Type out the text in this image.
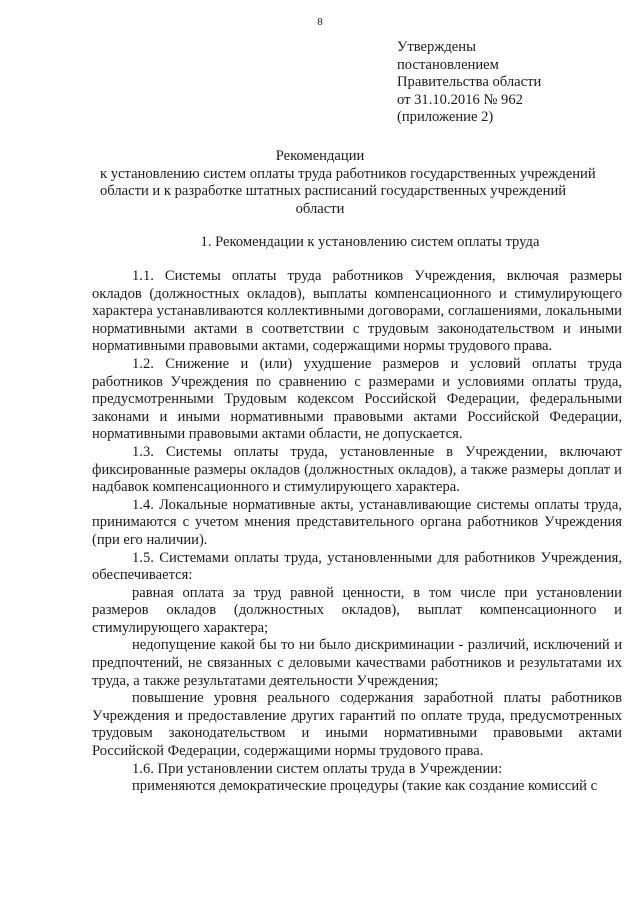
8
Утверждены
постановлением
Правительства области
от 31.10.2016 № 962
(приложение 2)
Рекомендации
к установлению систем оплаты труда работников государственных учреждений
области и к разработке штатных расписаний государственных учреждений
области
1. Рекомендации к установлению систем оплаты труда

1.1. Системы оплаты труда работников Учреждения, включая размеры окладов (должностных окладов), выплаты компенсационного и стимулирующего характера устанавливаются коллективными договорами, соглашениями, локальными нормативными актами в соответствии с трудовым законодательством и иными нормативными правовыми актами, содержащими нормы трудового права.

1.2. Снижение и (или) ухудшение размеров и условий оплаты труда работников Учреждения по сравнению с размерами и условиями оплаты труда, предусмотренными Трудовым кодексом Российской Федерации, федеральными законами и иными нормативными правовыми актами Российской Федерации, нормативными правовыми актами области, не допускается.

1.3. Системы оплаты труда, установленные в Учреждении, включают фиксированные размеры окладов (должностных окладов), а также размеры доплат и надбавок компенсационного и стимулирующего характера.

1.4. Локальные нормативные акты, устанавливающие системы оплаты труда, принимаются с учетом мнения представительного органа работников Учреждения (при его наличии).

1.5. Системами оплаты труда, установленными для работников Учреждения, обеспечивается:

равная оплата за труд равной ценности, в том числе при установлении размеров окладов (должностных окладов), выплат компенсационного и стимулирующего характера;

недопущение какой бы то ни было дискриминации - различий, исключений и предпочтений, не связанных с деловыми качествами работников и результатами их труда, а также результатами деятельности Учреждения;

повышение уровня реального содержания заработной платы работников Учреждения и предоставление других гарантий по оплате труда, предусмотренных трудовым законодательством и иными нормативными правовыми актами Российской Федерации, содержащими нормы трудового права.

1.6. При установлении систем оплаты труда в Учреждении:

применяются демократические процедуры (такие как создание комиссий с
